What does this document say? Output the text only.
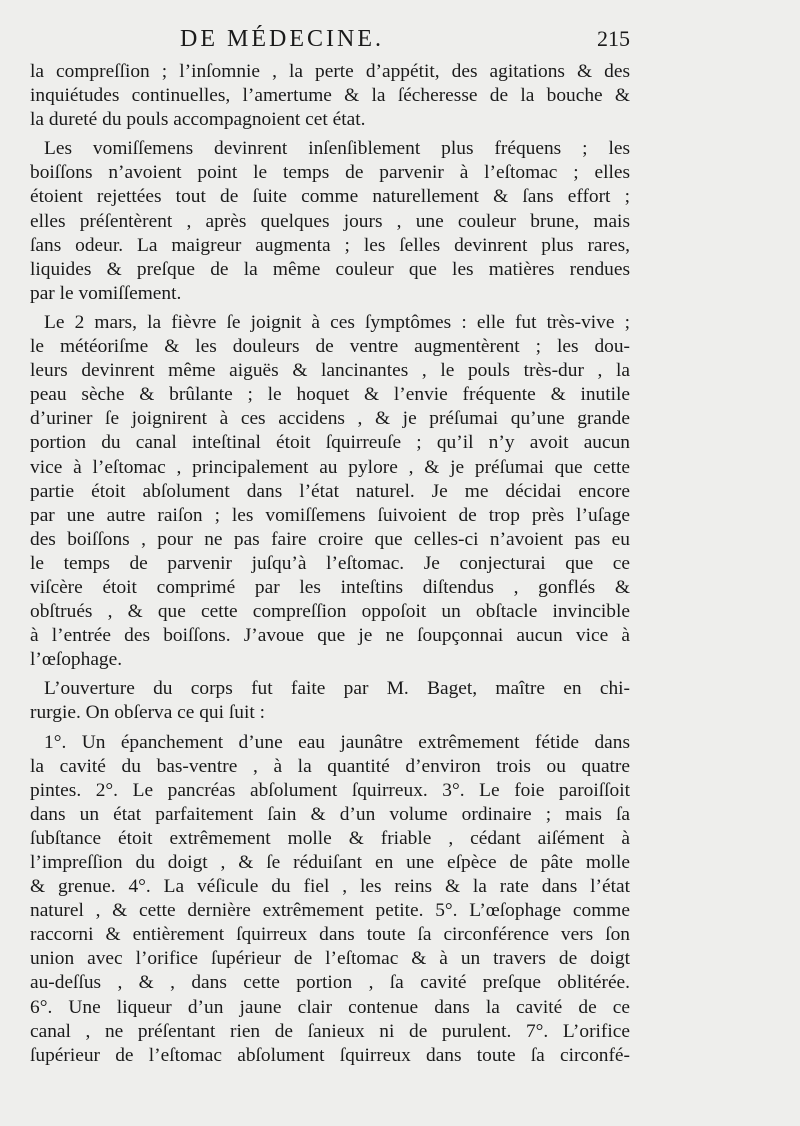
DE MÉDECINE.	215
la compreſſion ; l’inſomnie , la perte d’appétit, des agitations & des
inquiétudes continuelles, l’amertume & la ſécheresse de la bouche &
la dureté du pouls accompagnoient cet état.
Les vomiſſemens devinrent inſenſiblement plus fréquens ; les
boiſſons n’avoient point le temps de parvenir à l’eſtomac ; elles
étoient rejettées tout de ſuite comme naturellement & ſans effort ;
elles préſentèrent , après quelques jours , une couleur brune, mais
ſans odeur. La maigreur augmenta ; les ſelles devinrent plus rares,
liquides & preſque de la même couleur que les matières rendues
par le vomiſſement.
Le 2 mars, la fièvre ſe joignit à ces ſymptômes : elle fut très-vive ;
le météoriſme & les douleurs de ventre augmentèrent ; les dou-
leurs devinrent même aiguës & lancinantes , le pouls très-dur , la
peau sèche & brûlante ; le hoquet & l’envie fréquente & inutile
d’uriner ſe joignirent à ces accidens , & je préſumai qu’une grande
portion du canal inteſtinal étoit ſquirreuſe ; qu’il n’y avoit aucun
vice à l’eſtomac , principalement au pylore , & je préſumai que cette
partie étoit abſolument dans l’état naturel. Je me décidai encore
par une autre raiſon ; les vomiſſemens ſuivoient de trop près l’uſage
des boiſſons , pour ne pas faire croire que celles-ci n’avoient pas eu
le temps de parvenir juſqu’à l’eſtomac. Je conjecturai que ce
viſcère étoit comprimé par les inteſtins diſtendus , gonflés &
obſtrués , & que cette compreſſion oppoſoit un obſtacle invincible
à l’entrée des boiſſons. J’avoue que je ne ſoupçonnai aucun vice à
l’œſophage.
L’ouverture du corps fut faite par M. Baget, maître en chi-
rurgie. On obſerva ce qui ſuit :
1°. Un épanchement d’une eau jaunâtre extrêmement fétide dans
la cavité du bas-ventre , à la quantité d’environ trois ou quatre
pintes. 2°. Le pancréas abſolument ſquirreux. 3°. Le foie paroiſſoit
dans un état parfaitement ſain & d’un volume ordinaire ; mais ſa
ſubſtance étoit extrêmement molle & friable , cédant aiſément à
l’impreſſion du doigt , & ſe réduiſant en une eſpèce de pâte molle
& grenue. 4°. La véſicule du fiel , les reins & la rate dans l’état
naturel , & cette dernière extrêmement petite. 5°. L’œſophage comme
raccorni & entièrement ſquirreux dans toute ſa circonférence vers ſon
union avec l’orifice ſupérieur de l’eſtomac & à un travers de doigt
au-deſſus , & , dans cette portion , ſa cavité preſque oblitérée.
6°. Une liqueur d’un jaune clair contenue dans la cavité de ce
canal , ne préſentant rien de ſanieux ni de purulent. 7°. L’orifice
ſupérieur de l’eſtomac abſolument ſquirreux dans toute ſa circonfé-
